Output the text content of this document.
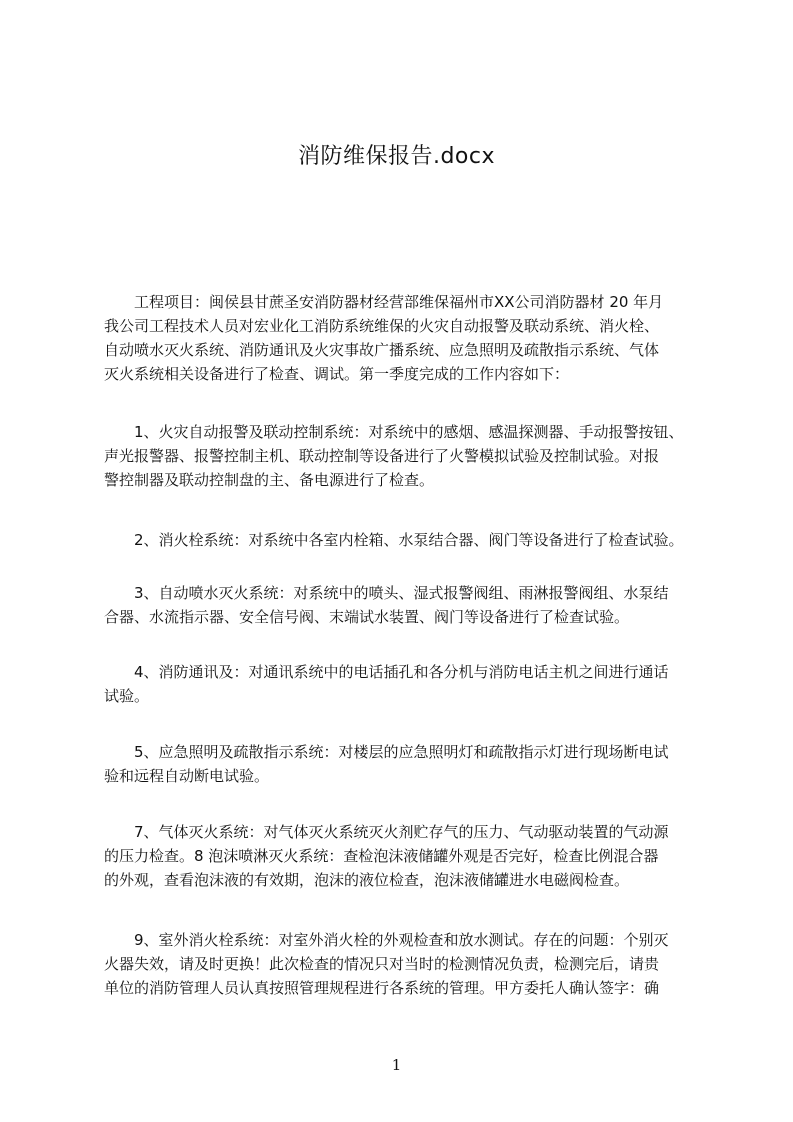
消防维保报告.docx

　　工程项目：闽侯县甘蔗圣安消防器材经营部维保福州市XX公司消防器材 20 年月
我公司工程技术人员对宏业化工消防系统维保的火灾自动报警及联动系统、消火栓、
自动喷水灭火系统、消防通讯及火灾事故广播系统、应急照明及疏散指示系统、气体
灭火系统相关设备进行了检查、调试。第一季度完成的工作内容如下：

　　1、火灾自动报警及联动控制系统：对系统中的感烟、感温探测器、手动报警按钮、
声光报警器、报警控制主机、联动控制等设备进行了火警模拟试验及控制试验。对报
警控制器及联动控制盘的主、备电源进行了检查。

　　2、消火栓系统：对系统中各室内栓箱、水泵结合器、阀门等设备进行了检查试验。

　　3、自动喷水灭火系统：对系统中的喷头、湿式报警阀组、雨淋报警阀组、水泵结
合器、水流指示器、安全信号阀、末端试水装置、阀门等设备进行了检查试验。

　　4、消防通讯及：对通讯系统中的电话插孔和各分机与消防电话主机之间进行通话
试验。

　　5、应急照明及疏散指示系统：对楼层的应急照明灯和疏散指示灯进行现场断电试
验和远程自动断电试验。

　　7、气体灭火系统：对气体灭火系统灭火剂贮存气的压力、气动驱动装置的气动源
的压力检查。8 泡沫喷淋灭火系统：查检泡沫液储罐外观是否完好，检查比例混合器
的外观，查看泡沫液的有效期，泡沫的液位检查，泡沫液储罐进水电磁阀检查。

　　9、室外消火栓系统：对室外消火栓的外观检查和放水测试。存在的问题：个别灭
火器失效，请及时更换！此次检查的情况只对当时的检测情况负责，检测完后，请贵
单位的消防管理人员认真按照管理规程进行各系统的管理。甲方委托人确认签字：确

1
